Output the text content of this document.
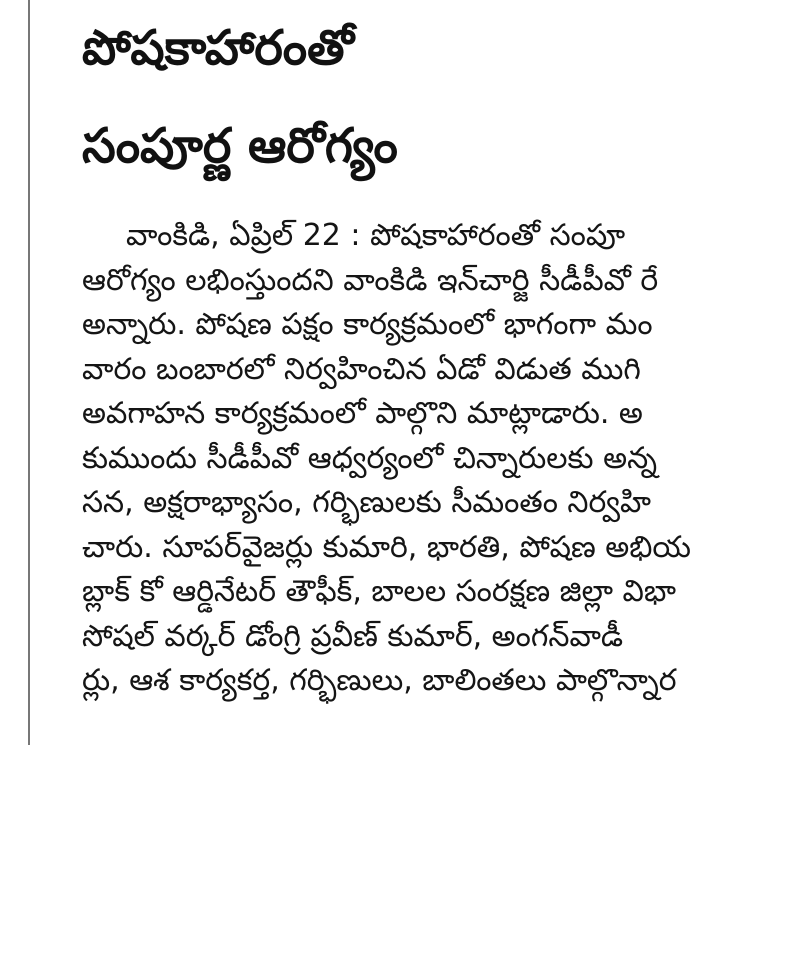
పోషకాహారంతో
సంపూర్ణ ఆరోగ్యం
వాంకిడి, ఏప్రిల్ 22 : పోషకాహారంతో సంపూ
ఆరోగ్యం లభింస్తుందని వాంకిడి ఇన్‌చార్జి సీడీపీవో రే
అన్నారు. పోషణ పక్షం కార్యక్రమంలో భాగంగా మం
వారం బంబారలో నిర్వహించిన ఏడో విడుత ముగి
అవగాహన కార్యక్రమంలో పాల్గొని మాట్లాడారు. అ
కుముందు సీడీపీవో ఆధ్వర్యంలో చిన్నారులకు అన్న
సన, అక్షరాభ్యాసం, గర్భిణులకు సీమంతం నిర్వహి
చారు. సూపర్‌వైజర్లు కుమారి, భారతి, పోషణ అభియ
బ్లాక్ కో ఆర్డినేటర్ తౌఫీక్, బాలల సంరక్షణ జిల్లా విభా
సోషల్ వర్కర్ డోంగ్రి ప్రవీణ్ కుమార్, అంగన్‌వాడీ
ర్లు, ఆశ కార్యకర్త, గర్భిణులు, బాలింతలు పాల్గొన్నార
